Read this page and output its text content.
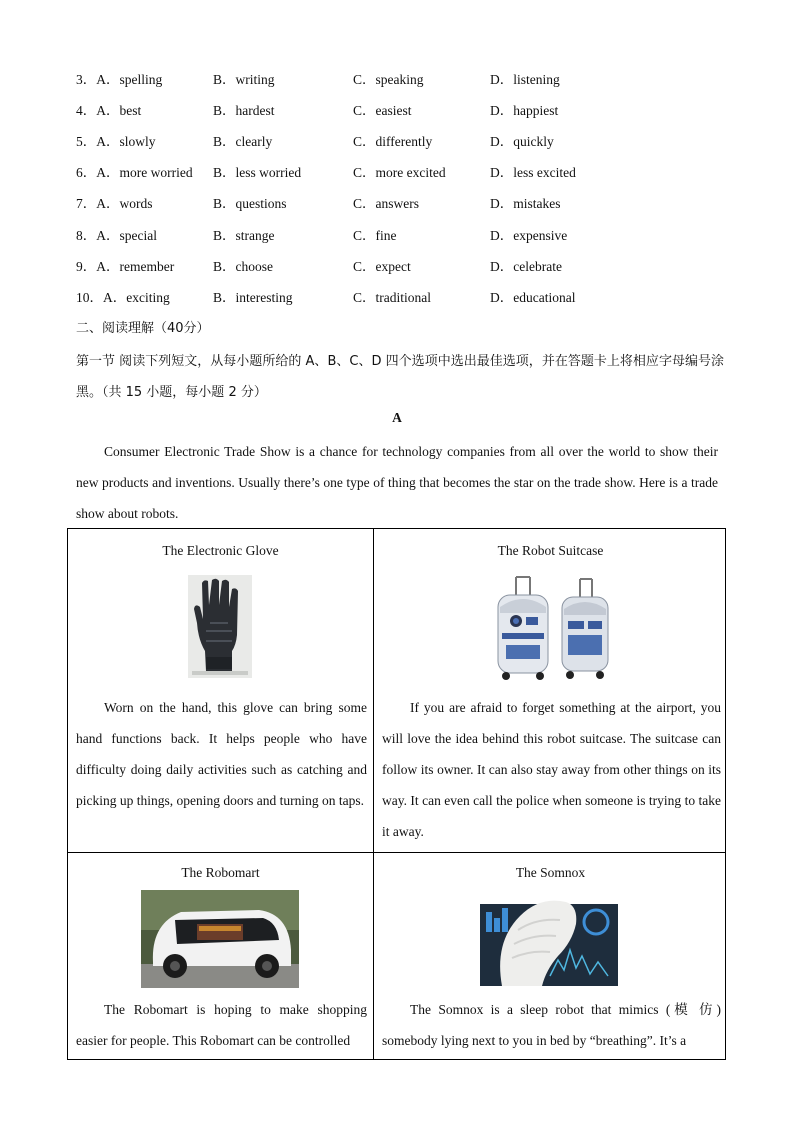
3．A．spelling	B．writing	C．speaking	D．listening
4．A．best	B．hardest	C．easiest	D．happiest
5．A．slowly	B．clearly	C．differently	D．quickly
6．A．more worried B．less worried	C．more excited	D．less excited
7．A．words	B．questions	C．answers	D．mistakes
8．A．special	B．strange	C．fine	D．expensive
9．A．remember	B．choose	C．expect	D．celebrate
10．A．exciting	B．interesting	C．traditional	D．educational
二、阅读理解（40分）
第一节 阅读下列短文，从每小题所给的 A、B、C、D 四个选项中选出最佳选项，并在答题卡上将相应字母编号涂黑。（共 15 小题，每小题 2 分）
A
Consumer Electronic Trade Show is a chance for technology companies from all over the world to show their new products and inventions. Usually there’s one type of thing that becomes the star on the trade show. Here is a trade show about robots.
The Electronic Glove
Worn on the hand, this glove can bring some hand functions back. It helps people who have difficulty doing daily activities such as catching and picking up things, opening doors and turning on taps.
The Robot Suitcase
If you are afraid to forget something at the airport, you will love the idea behind this robot suitcase. The suitcase can follow its owner. It can also stay away from other things on its way. It can even call the police when someone is trying to take it away.
The Robomart
The Robomart is hoping to make shopping easier for people. This Robomart can be controlled
The Somnox
The Somnox is a sleep robot that mimics (模 仿) somebody lying next to you in bed by “breathing”. It’s a
